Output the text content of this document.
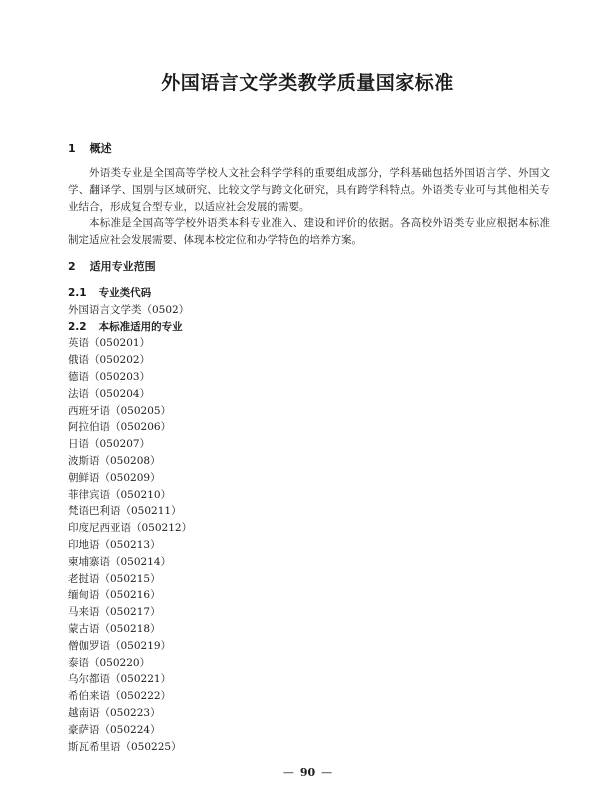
外国语言文学类教学质量国家标准
1 概述

外语类专业是全国高等学校人文社会科学学科的重要组成部分，学科基础包括外国语言学、外国文学、翻译学、国别与区域研究、比较文学与跨文化研究，具有跨学科特点。外语类专业可与其他相关专业结合，形成复合型专业，以适应社会发展的需要。

本标准是全国高等学校外语类本科专业准入、建设和评价的依据。各高校外语类专业应根据本标准制定适应社会发展需要、体现本校定位和办学特色的培养方案。

2 适用专业范围
2.1 专业类代码

外国语言文学类（0502）

2.2 本标准适用的专业

英语（050201）

俄语（050202）

德语（050203）

法语（050204）

西班牙语（050205）

阿拉伯语（050206）

日语（050207）

波斯语（050208）

朝鲜语（050209）

菲律宾语（050210）

梵语巴利语（050211）

印度尼西亚语（050212）

印地语（050213）

柬埔寨语（050214）

老挝语（050215）

缅甸语（050216）

马来语（050217）

蒙古语（050218）

僧伽罗语（050219）

泰语（050220）

乌尔都语（050221）

希伯来语（050222）

越南语（050223）

豪萨语（050224）

斯瓦希里语（050225）

— 90 —
